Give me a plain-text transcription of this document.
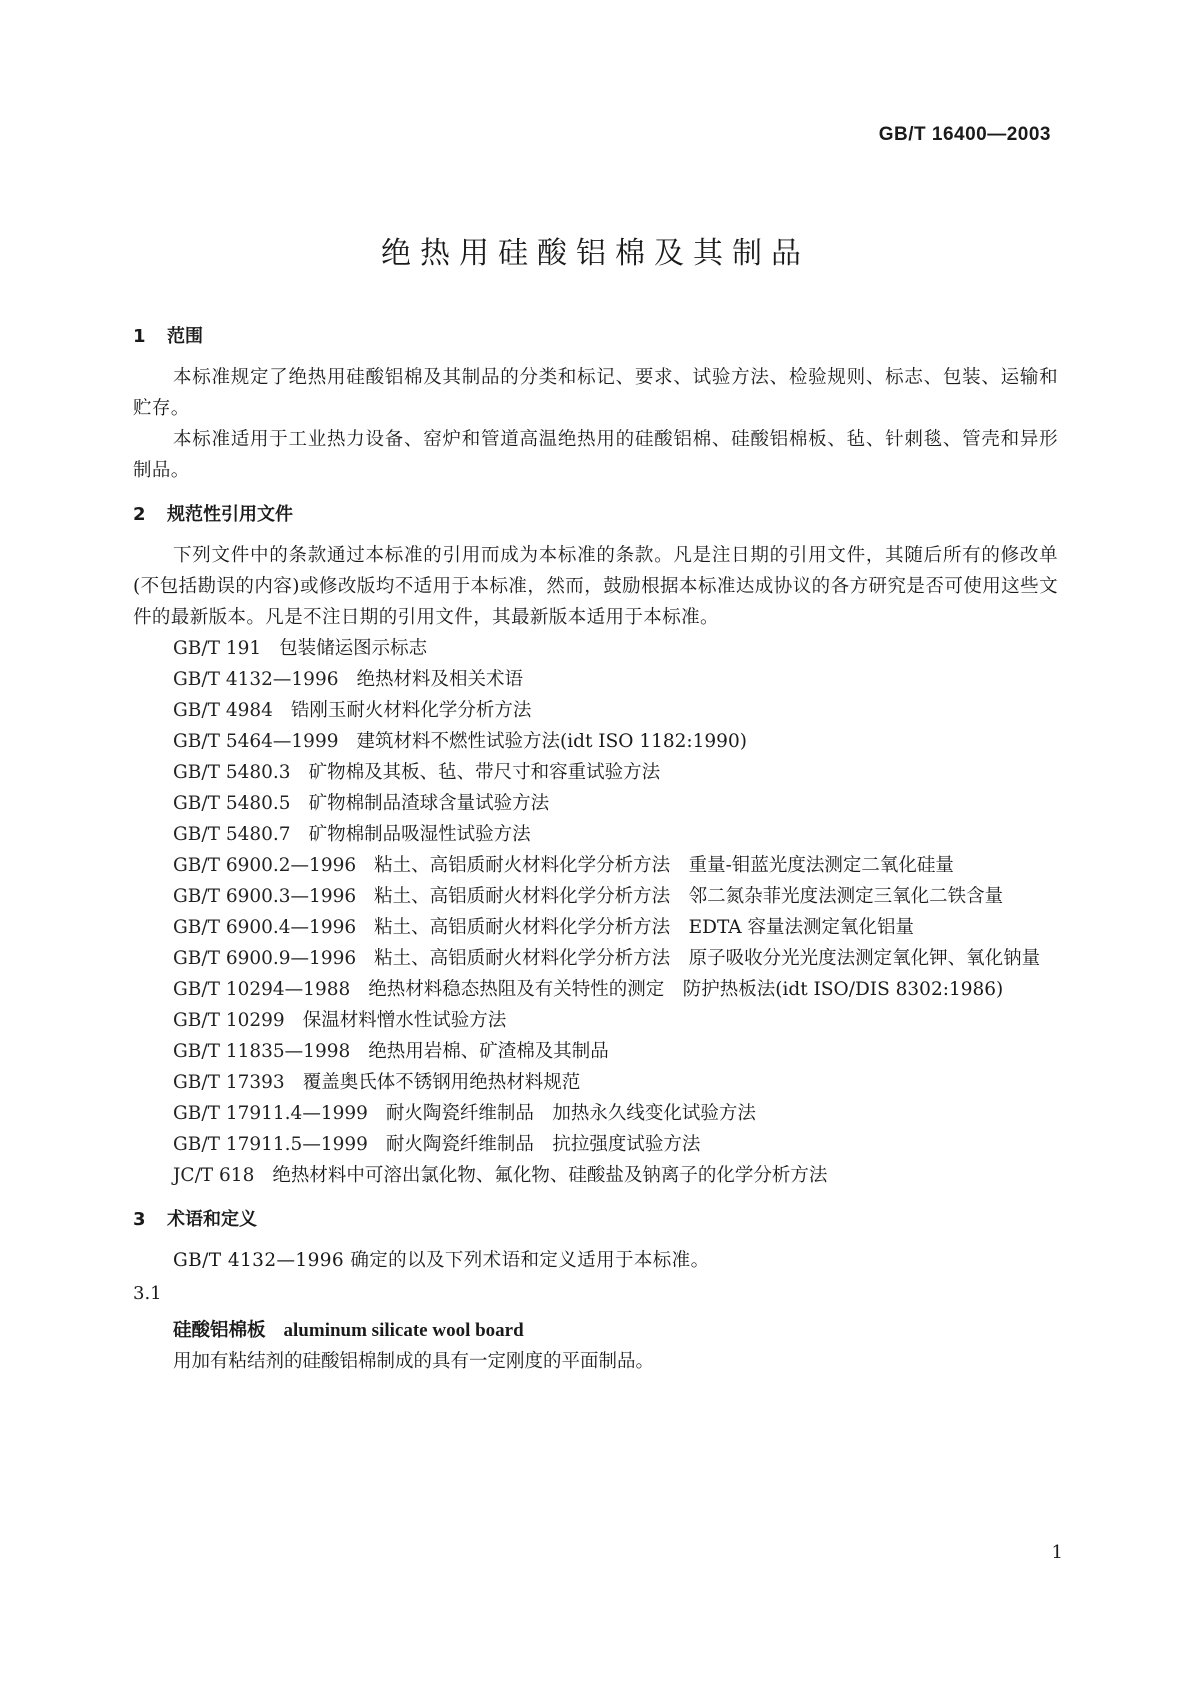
GB/T 16400—2003
绝热用硅酸铝棉及其制品
1 范围

本标准规定了绝热用硅酸铝棉及其制品的分类和标记、要求、试验方法、检验规则、标志、包装、运输和贮存。

本标准适用于工业热力设备、窑炉和管道高温绝热用的硅酸铝棉、硅酸铝棉板、毡、针刺毯、管壳和异形制品。

2 规范性引用文件

下列文件中的条款通过本标准的引用而成为本标准的条款。凡是注日期的引用文件，其随后所有的修改单(不包括勘误的内容)或修改版均不适用于本标准，然而，鼓励根据本标准达成协议的各方研究是否可使用这些文件的最新版本。凡是不注日期的引用文件，其最新版本适用于本标准。

GB/T 191 包装储运图示标志
GB/T 4132—1996 绝热材料及相关术语
GB/T 4984 锆刚玉耐火材料化学分析方法
GB/T 5464—1999 建筑材料不燃性试验方法(idt ISO 1182:1990)
GB/T 5480.3 矿物棉及其板、毡、带尺寸和容重试验方法
GB/T 5480.5 矿物棉制品渣球含量试验方法
GB/T 5480.7 矿物棉制品吸湿性试验方法
GB/T 6900.2—1996 粘土、高铝质耐火材料化学分析方法　重量-钼蓝光度法测定二氧化硅量
GB/T 6900.3—1996 粘土、高铝质耐火材料化学分析方法　邻二氮杂菲光度法测定三氧化二铁含量
GB/T 6900.4—1996 粘土、高铝质耐火材料化学分析方法　EDTA 容量法测定氧化铝量
GB/T 6900.9—1996 粘土、高铝质耐火材料化学分析方法　原子吸收分光光度法测定氧化钾、氧化钠量
GB/T 10294—1988 绝热材料稳态热阻及有关特性的测定　防护热板法(idt ISO/DIS 8302:1986)
GB/T 10299 保温材料憎水性试验方法
GB/T 11835—1998 绝热用岩棉、矿渣棉及其制品
GB/T 17393 覆盖奥氏体不锈钢用绝热材料规范
GB/T 17911.4—1999 耐火陶瓷纤维制品　加热永久线变化试验方法
GB/T 17911.5—1999 耐火陶瓷纤维制品　抗拉强度试验方法
JC/T 618 绝热材料中可溶出氯化物、氟化物、硅酸盐及钠离子的化学分析方法
3 术语和定义

GB/T 4132—1996 确定的以及下列术语和定义适用于本标准。

3.1
硅酸铝棉板 aluminum silicate wool board
用加有粘结剂的硅酸铝棉制成的具有一定刚度的平面制品。
1
